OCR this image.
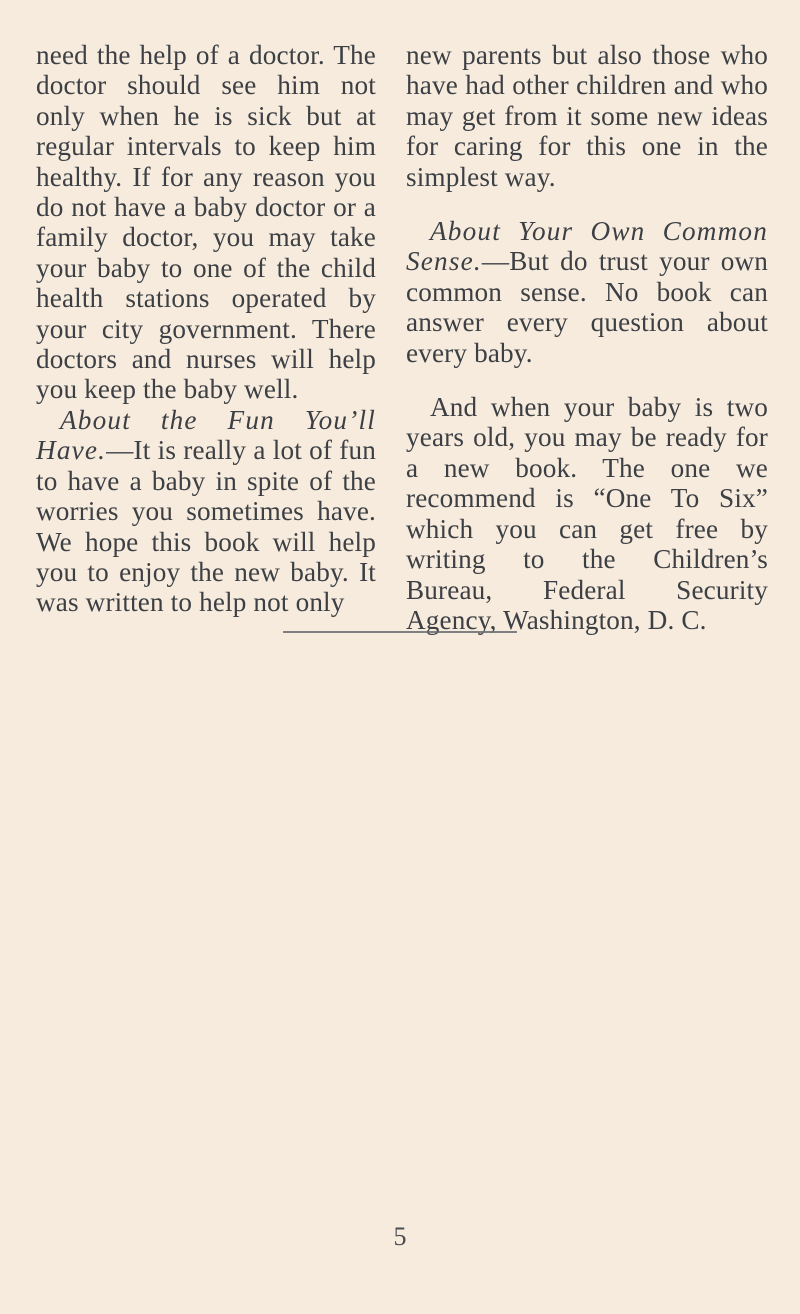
need the help of a doctor. The doctor should see him not only when he is sick but at regular intervals to keep him healthy. If for any reason you do not have a baby doctor or a family doctor, you may take your baby to one of the child health stations operated by your city government. There doctors and nurses will help you keep the baby well.

About the Fun You’ll Have.—It is really a lot of fun to have a baby in spite of the worries you sometimes have. We hope this book will help you to enjoy the new baby. It was written to help not only

new parents but also those who have had other children and who may get from it some new ideas for caring for this one in the simplest way.

About Your Own Common Sense.—But do trust your own common sense. No book can answer every question about every baby.

And when your baby is two years old, you may be ready for a new book. The one we recommend is “One To Six” which you can get free by writing to the Children’s Bureau, Federal Security Agency, Washington, D. C.

5
